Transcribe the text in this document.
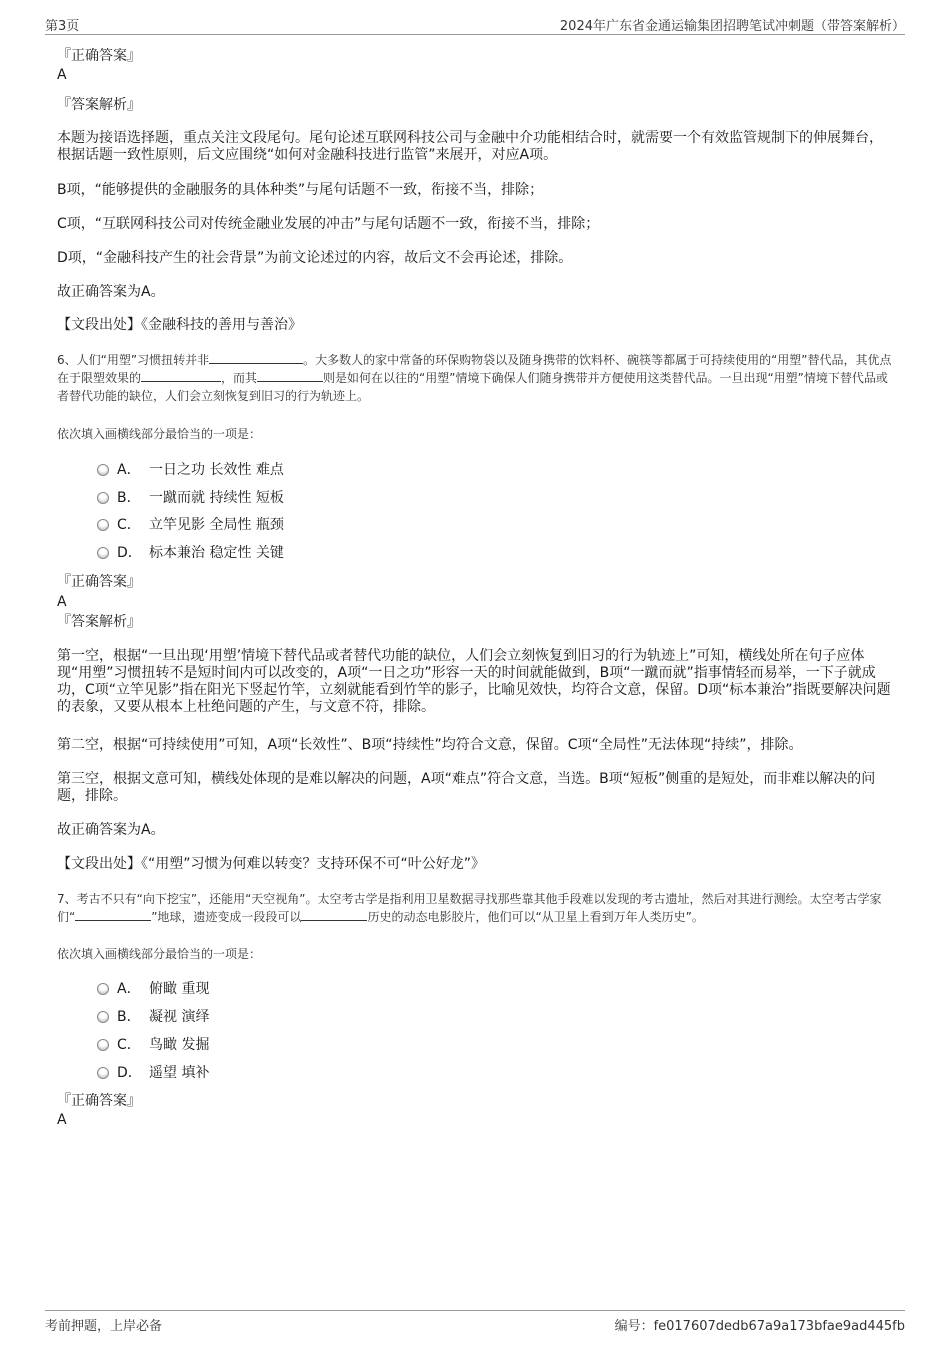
第3页	2024年广东省金通运输集团招聘笔试冲刺题（带答案解析）
『正确答案』
A
『答案解析』
本题为接语选择题，重点关注文段尾句。尾句论述互联网科技公司与金融中介功能相结合时，就需要一个有效监管规制下的伸展舞台，根据话题一致性原则，后文应围绕“如何对金融科技进行监管”来展开，对应A项。
B项，“能够提供的金融服务的具体种类”与尾句话题不一致，衔接不当，排除；
C项，“互联网科技公司对传统金融业发展的冲击”与尾句话题不一致，衔接不当，排除；
D项，“金融科技产生的社会背景”为前文论述过的内容，故后文不会再论述，排除。
故正确答案为A。
【文段出处】《金融科技的善用与善治》
6、人们“用塑”习惯扭转并非	。大多数人的家中常备的环保购物袋以及随身携带的饮料杯、碗筷等都属于可持续使用的“用塑”替代品，其优点在于限塑效果的	，而其	则是如何在以往的“用塑”情境下确保人们随身携带并方便使用这类替代品。一旦出现“用塑”情境下替代品或者替代功能的缺位，人们会立刻恢复到旧习的行为轨迹上。
依次填入画横线部分最恰当的一项是：
A． 一日之功 长效性 难点
B． 一蹴而就 持续性 短板
C． 立竿见影 全局性 瓶颈
D． 标本兼治 稳定性 关键
『正确答案』
A
『答案解析』
第一空，根据“一旦出现‘用塑’情境下替代品或者替代功能的缺位，人们会立刻恢复到旧习的行为轨迹上”可知，横线处所在句子应体现“用塑”习惯扭转不是短时间内可以改变的，A项“一日之功”形容一天的时间就能做到，B项“一蹴而就”指事情轻而易举，一下子就成功，C项“立竿见影”指在阳光下竖起竹竿，立刻就能看到竹竿的影子，比喻见效快，均符合文意，保留。D项“标本兼治”指既要解决问题的表象，又要从根本上杜绝问题的产生，与文意不符，排除。
第二空，根据“可持续使用”可知，A项“长效性”、B项“持续性”均符合文意，保留。C项“全局性”无法体现“持续”，排除。
第三空，根据文意可知，横线处体现的是难以解决的问题，A项“难点”符合文意，当选。B项“短板”侧重的是短处，而非难以解决的问题，排除。
故正确答案为A。
【文段出处】《“用塑”习惯为何难以转变？支持环保不可“叶公好龙”》
7、考古不只有“向下挖宝”，还能用“天空视角”。太空考古学是指利用卫星数据寻找那些靠其他手段难以发现的考古遗址，然后对其进行测绘。太空考古学家们“	”地球，遗迹变成一段段可以	历史的动态电影胶片，他们可以“从卫星上看到万年人类历史”。
依次填入画横线部分最恰当的一项是：
A． 俯瞰 重现
B． 凝视 演绎
C． 鸟瞰 发掘
D． 遥望 填补
『正确答案』
A
考前押题，上岸必备	编号：fe017607dedb67a9a173bfae9ad445fb
